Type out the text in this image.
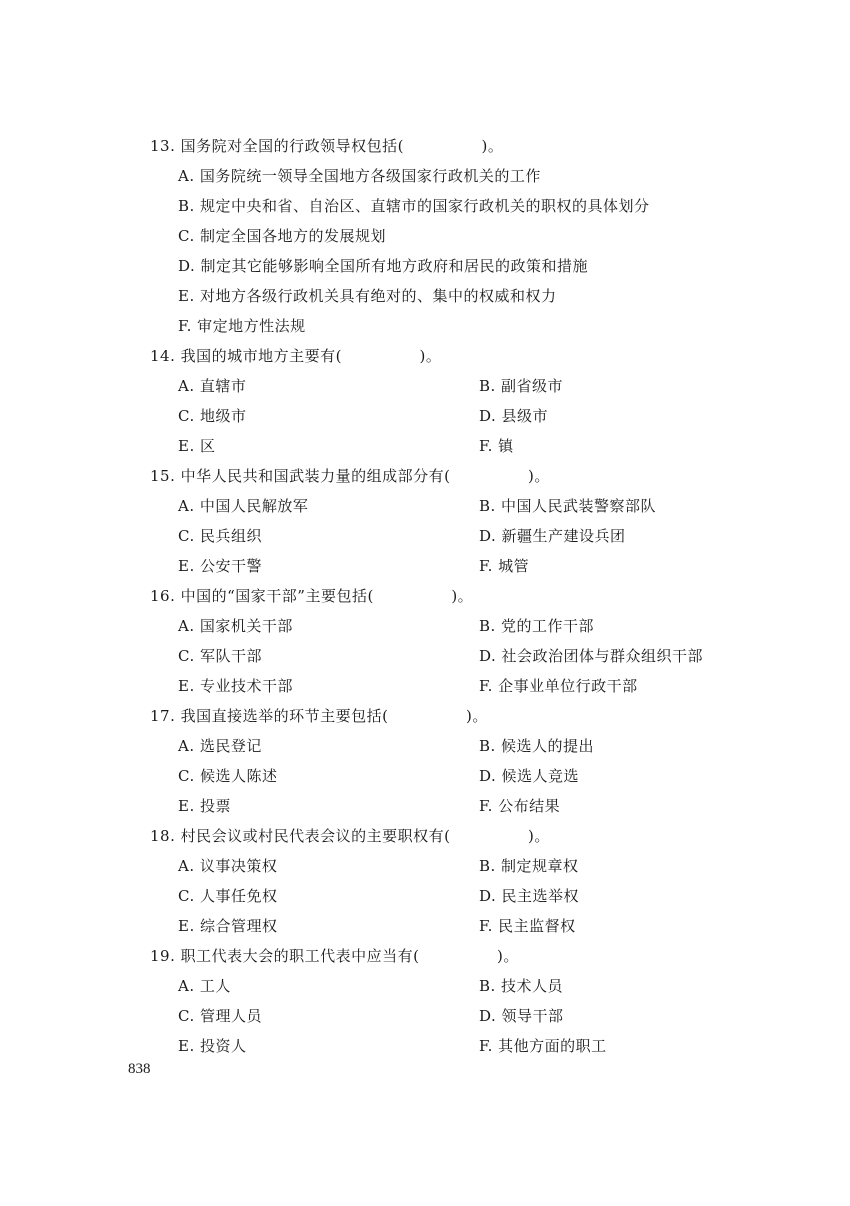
13. 国务院对全国的行政领导权包括(　　　　　)。
A. 国务院统一领导全国地方各级国家行政机关的工作
B. 规定中央和省、自治区、直辖市的国家行政机关的职权的具体划分
C. 制定全国各地方的发展规划
D. 制定其它能够影响全国所有地方政府和居民的政策和措施
E. 对地方各级行政机关具有绝对的、集中的权威和权力
F. 审定地方性法规
14. 我国的城市地方主要有(　　　　　)。
A. 直辖市	B. 副省级市
C. 地级市	D. 县级市
E. 区	F. 镇
15. 中华人民共和国武装力量的组成部分有(　　　　　)。
A. 中国人民解放军	B. 中国人民武装警察部队
C. 民兵组织	D. 新疆生产建设兵团
E. 公安干警	F. 城管
16. 中国的“国家干部”主要包括(　　　　　)。
A. 国家机关干部	B. 党的工作干部
C. 军队干部	D. 社会政治团体与群众组织干部
E. 专业技术干部	F. 企事业单位行政干部
17. 我国直接选举的环节主要包括(　　　　　)。
A. 选民登记	B. 候选人的提出
C. 候选人陈述	D. 候选人竞选
E. 投票	F. 公布结果
18. 村民会议或村民代表会议的主要职权有(　　　　　)。
A. 议事决策权	B. 制定规章权
C. 人事任免权	D. 民主选举权
E. 综合管理权	F. 民主监督权
19. 职工代表大会的职工代表中应当有(　　　　　)。
A. 工人	B. 技术人员
C. 管理人员	D. 领导干部
E. 投资人	F. 其他方面的职工
838
